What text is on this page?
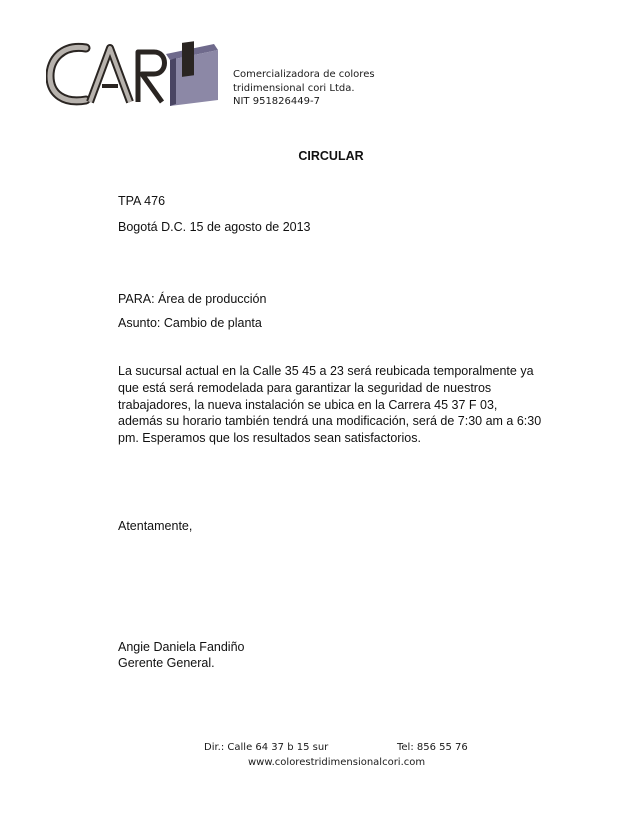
Comercializadora de colores
tridimensional cori Ltda.
NIT 951826449-7
CIRCULAR
TPA 476
Bogotá D.C. 15 de agosto de 2013
PARA: Área de producción
Asunto: Cambio de planta
La sucursal actual en la Calle 35 45 a 23 será reubicada temporalmente ya
que está será remodelada para garantizar la seguridad de nuestros
trabajadores, la nueva instalación se ubica en la Carrera 45 37 F 03,
además su horario también tendrá una modificación, será de 7:30 am a 6:30
pm. Esperamos que los resultados sean satisfactorios.
Atentamente,
Angie Daniela Fandiño
Gerente General.
Dir.: Calle 64 37 b 15 sur	Tel: 856 55 76
www.colorestridimensionalcori.com
